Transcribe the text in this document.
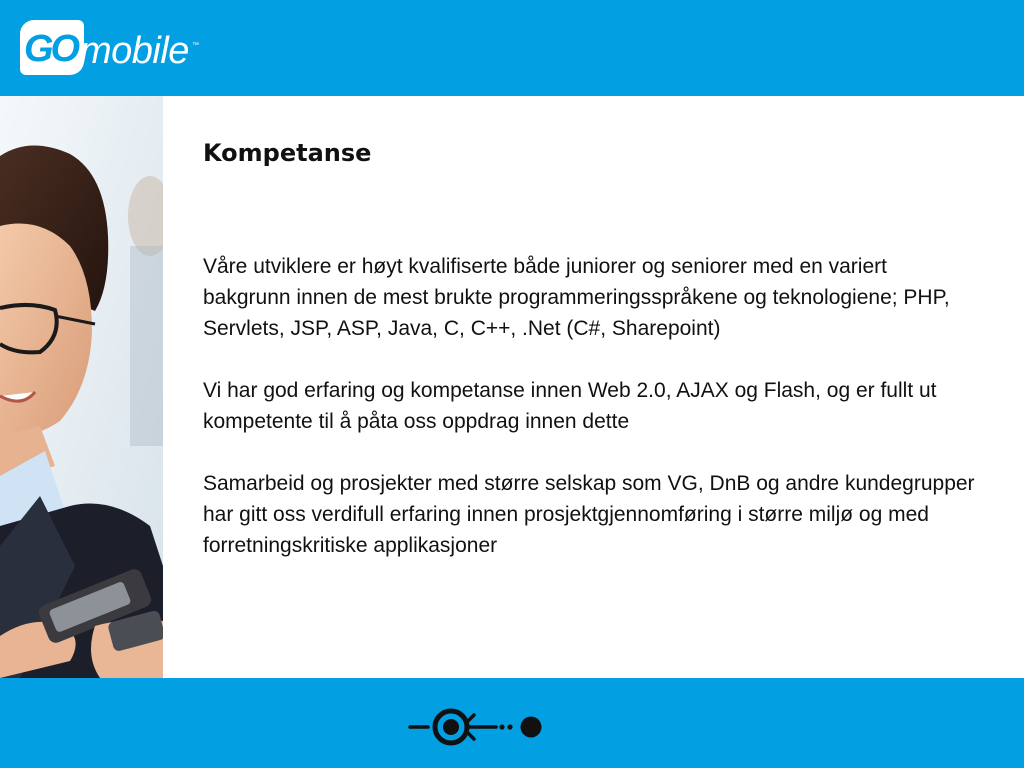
GO mobile ™
Kompetanse

Våre utviklere er høyt kvalifiserte både juniorer og seniorer med en variert bakgrunn innen de mest brukte programmeringsspråkene og teknologiene; PHP, Servlets, JSP, ASP, Java, C, C++, .Net (C#, Sharepoint)

Vi har god erfaring og kompetanse innen Web 2.0, AJAX og Flash, og er fullt ut kompetente til å påta oss oppdrag innen dette

Samarbeid og prosjekter med større selskap som VG, DnB og andre kundegrupper har gitt oss verdifull erfaring innen prosjektgjennomføring i større miljø og med forretningskritiske applikasjoner
